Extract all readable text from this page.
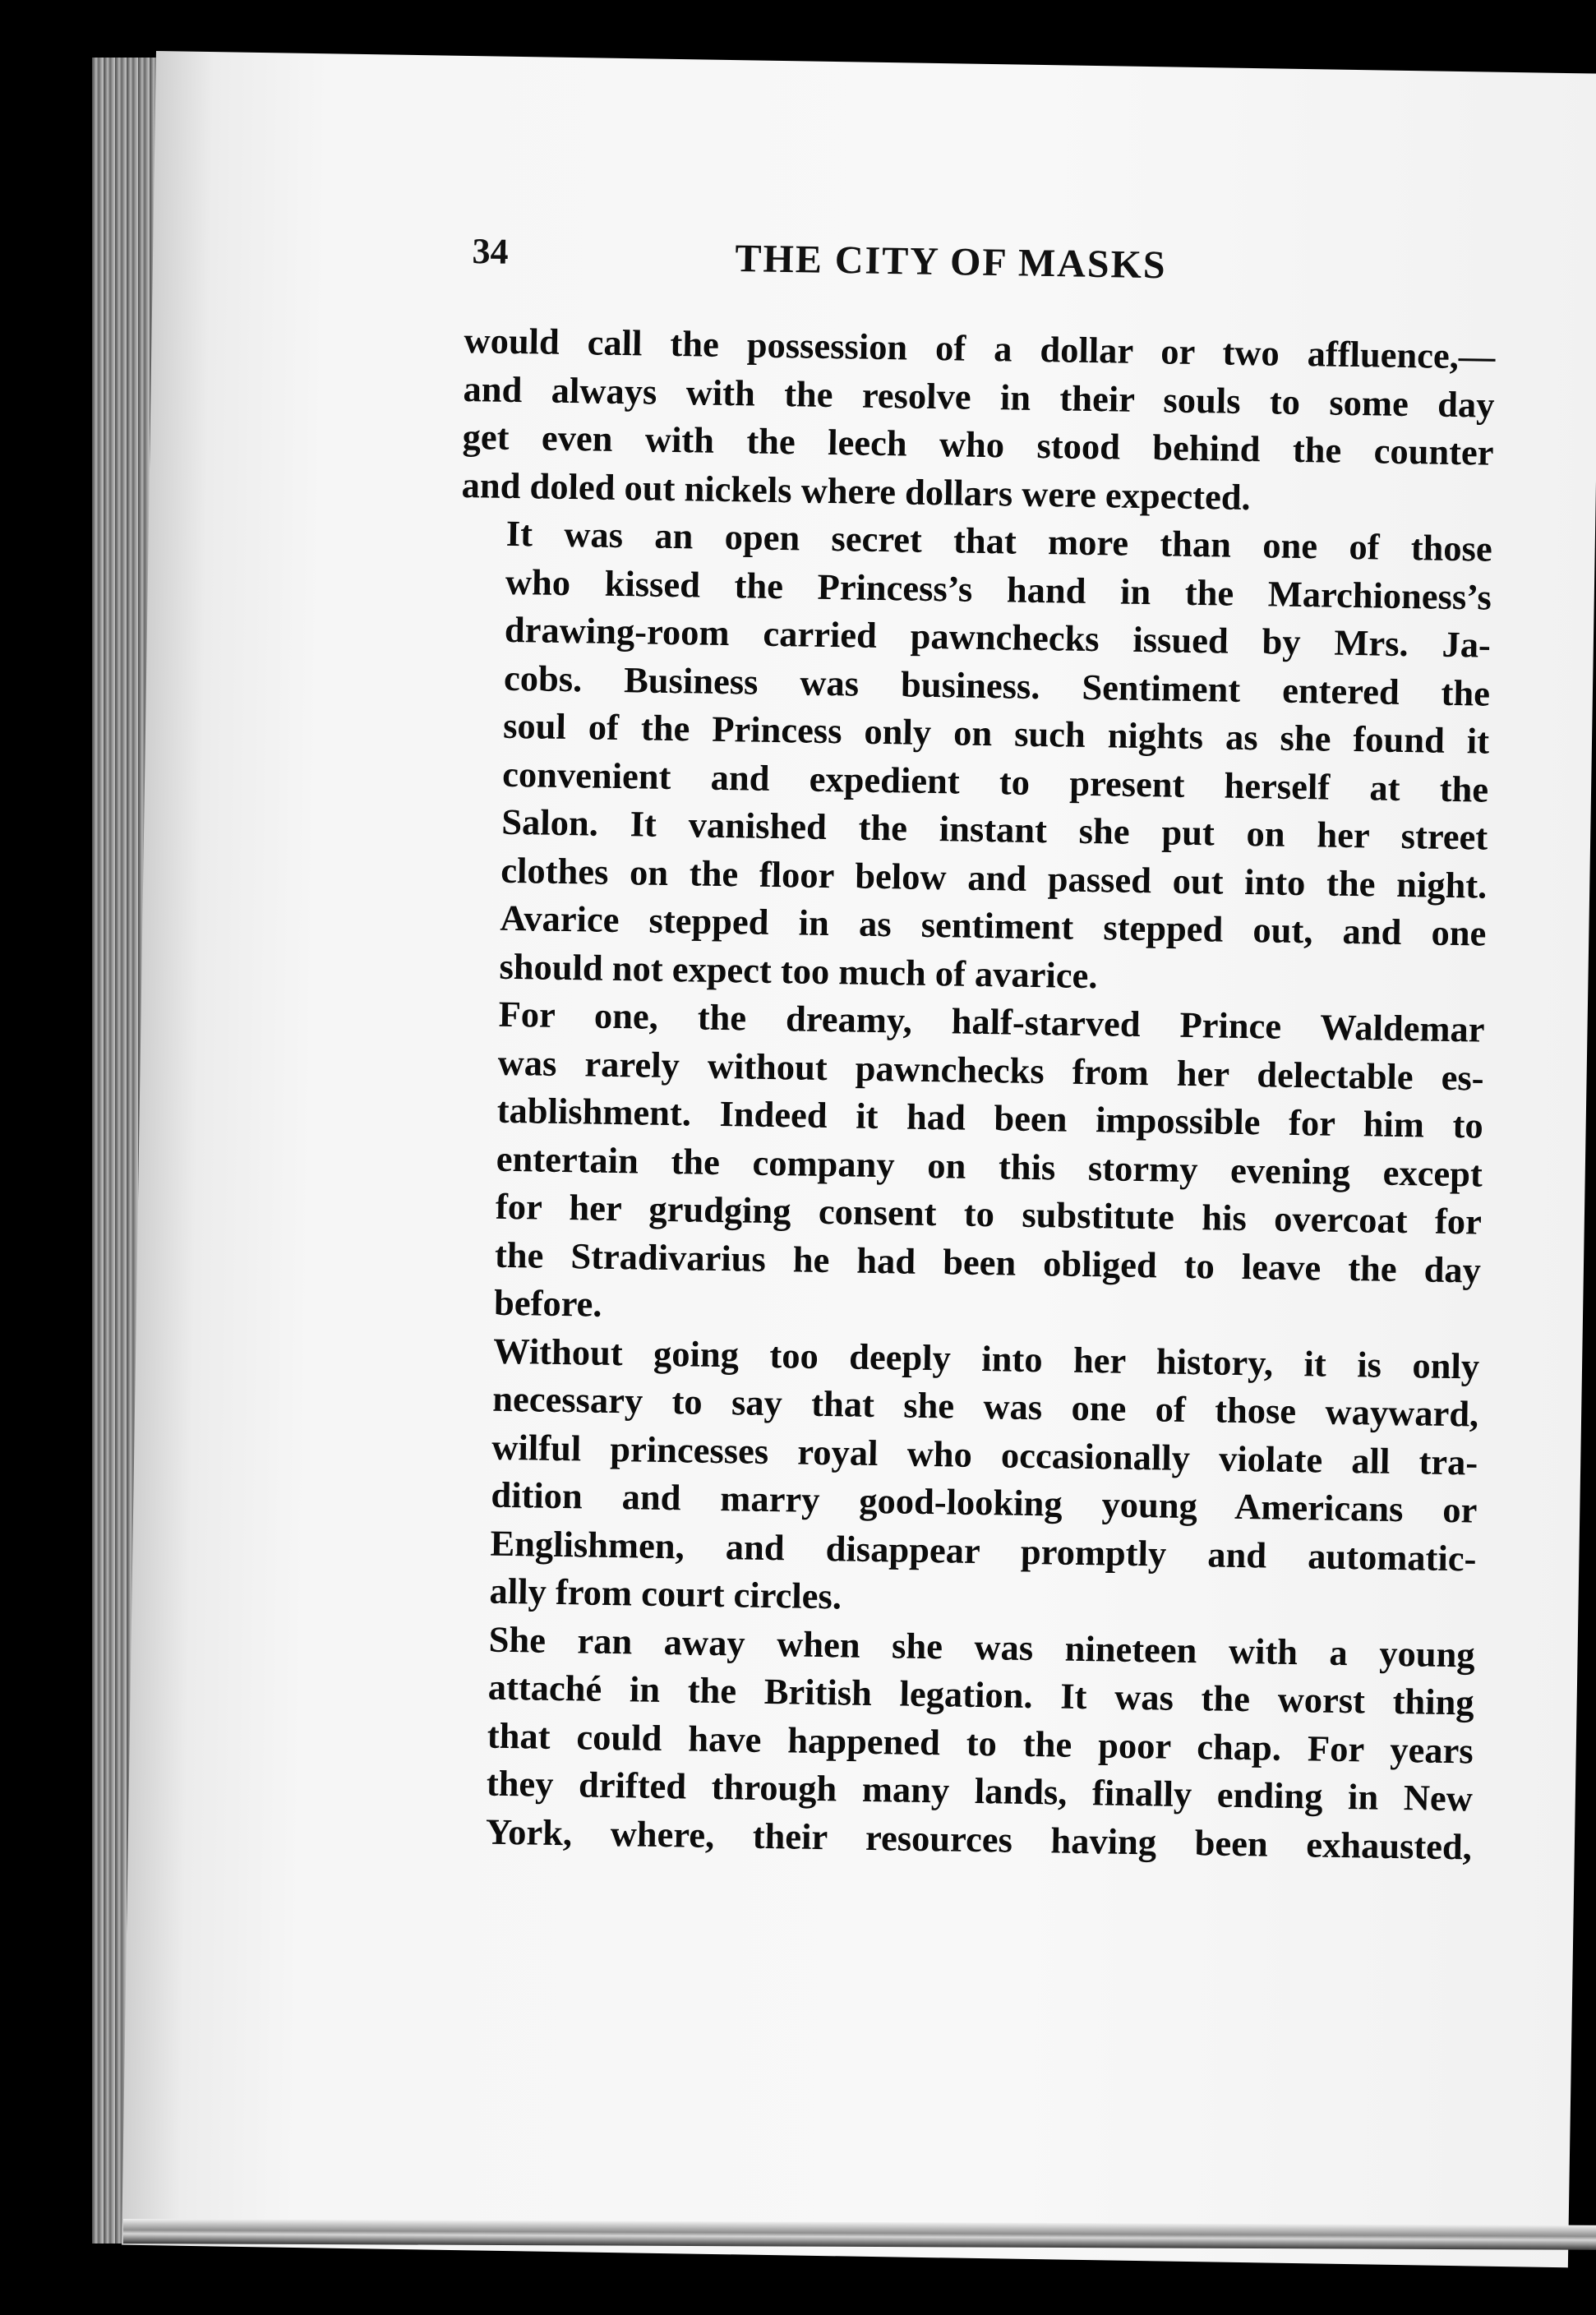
34	THE CITY OF MASKS

would call the possession of a dollar or two affluence,—
and always with the resolve in their souls to some day
get even with the leech who stood behind the counter
and doled out nickels where dollars were expected.

It was an open secret that more than one of those
who kissed the Princess’s hand in the Marchioness’s
drawing-room carried pawnchecks issued by Mrs. Ja-
cobs. Business was business. Sentiment entered the
soul of the Princess only on such nights as she found it
convenient and expedient to present herself at the
Salon. It vanished the instant she put on her street
clothes on the floor below and passed out into the night.
Avarice stepped in as sentiment stepped out, and one
should not expect too much of avarice.

For one, the dreamy, half-starved Prince Waldemar
was rarely without pawnchecks from her delectable es-
tablishment. Indeed it had been impossible for him to
entertain the company on this stormy evening except
for her grudging consent to substitute his overcoat for
the Stradivarius he had been obliged to leave the day
before.

Without going too deeply into her history, it is only
necessary to say that she was one of those wayward,
wilful princesses royal who occasionally violate all tra-
dition and marry good-looking young Americans or
Englishmen, and disappear promptly and automatic-
ally from court circles.

She ran away when she was nineteen with a young
attaché in the British legation. It was the worst thing
that could have happened to the poor chap. For years
they drifted through many lands, finally ending in New
York, where, their resources having been exhausted,
